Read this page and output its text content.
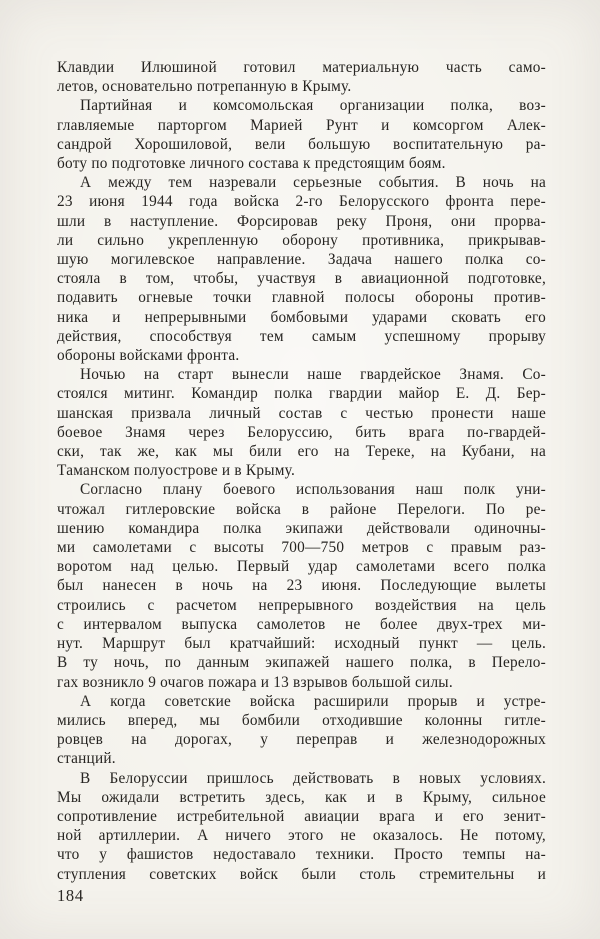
Клавдии Илюшиной готовил материальную часть само-
летов, основательно потрепанную в Крыму.
Партийная и комсомольская организации полка, воз-
главляемые парторгом Марией Рунт и комсоргом Алек-
сандрой Хорошиловой, вели большую воспитательную ра-
боту по подготовке личного состава к предстоящим боям.
А между тем назревали серьезные события. В ночь на
23 июня 1944 года войска 2-го Белорусского фронта пере-
шли в наступление. Форсировав реку Проня, они прорва-
ли сильно укрепленную оборону противника, прикрывав-
шую могилевское направление. Задача нашего полка со-
стояла в том, чтобы, участвуя в авиационной подготовке,
подавить огневые точки главной полосы обороны против-
ника и непрерывными бомбовыми ударами сковать его
действия, способствуя тем самым успешному прорыву
обороны войсками фронта.
Ночью на старт вынесли наше гвардейское Знамя. Со-
стоялся митинг. Командир полка гвардии майор Е. Д. Бер-
шанская призвала личный состав с честью пронести наше
боевое Знамя через Белоруссию, бить врага по-гвардей-
ски, так же, как мы били его на Тереке, на Кубани, на
Таманском полуострове и в Крыму.
Согласно плану боевого использования наш полк уни-
чтожал гитлеровские войска в районе Перелоги. По ре-
шению командира полка экипажи действовали одиночны-
ми самолетами с высоты 700—750 метров с правым раз-
воротом над целью. Первый удар самолетами всего полка
был нанесен в ночь на 23 июня. Последующие вылеты
строились с расчетом непрерывного воздействия на цель
с интервалом выпуска самолетов не более двух-трех ми-
нут. Маршрут был кратчайший: исходный пункт — цель.
В ту ночь, по данным экипажей нашего полка, в Перело-
гах возникло 9 очагов пожара и 13 взрывов большой силы.
А когда советские войска расширили прорыв и устре-
мились вперед, мы бомбили отходившие колонны гитле-
ровцев на дорогах, у переправ и железнодорожных
станций.
В Белоруссии пришлось действовать в новых условиях.
Мы ожидали встретить здесь, как и в Крыму, сильное
сопротивление истребительной авиации врага и его зенит-
ной артиллерии. А ничего этого не оказалось. Не потому,
что у фашистов недоставало техники. Просто темпы на-
ступления советских войск были столь стремительны и
184
